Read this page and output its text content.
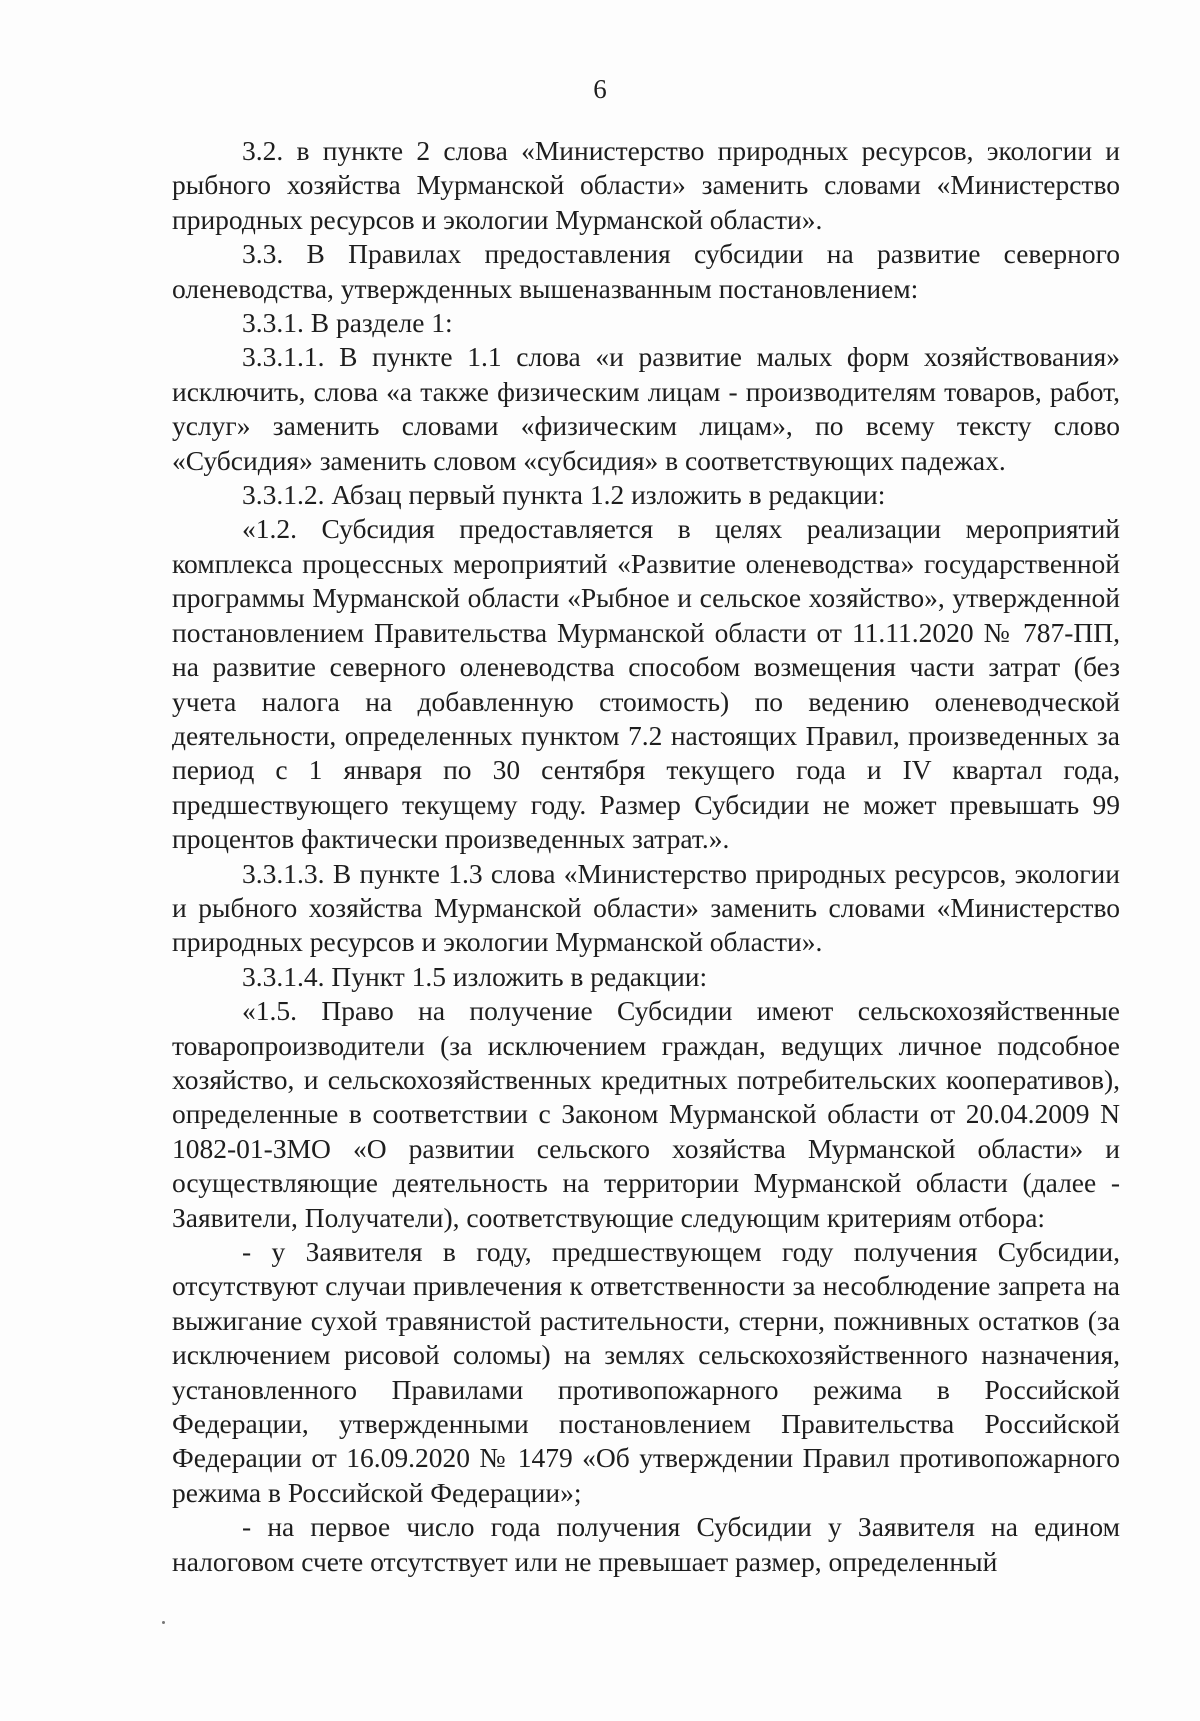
6

3.2. в пункте 2 слова «Министерство природных ресурсов, экологии и рыбного хозяйства Мурманской области» заменить словами «Министерство природных ресурсов и экологии Мурманской области».

3.3. В Правилах предоставления субсидии на развитие северного оленеводства, утвержденных вышеназванным постановлением:

3.3.1. В разделе 1:

3.3.1.1. В пункте 1.1 слова «и развитие малых форм хозяйствования» исключить, слова «а также физическим лицам - производителям товаров, работ, услуг» заменить словами «физическим лицам», по всему тексту слово «Субсидия» заменить словом «субсидия» в соответствующих падежах.

3.3.1.2. Абзац первый пункта 1.2 изложить в редакции:

«1.2. Субсидия предоставляется в целях реализации мероприятий комплекса процессных мероприятий «Развитие оленеводства» государственной программы Мурманской области «Рыбное и сельское хозяйство», утвержденной постановлением Правительства Мурманской области от 11.11.2020 № 787-ПП, на развитие северного оленеводства способом возмещения части затрат (без учета налога на добавленную стоимость) по ведению оленеводческой деятельности, определенных пунктом 7.2 настоящих Правил, произведенных за период с 1 января по 30 сентября текущего года и IV квартал года, предшествующего текущему году. Размер Субсидии не может превышать 99 процентов фактически произведенных затрат.».

3.3.1.3. В пункте 1.3 слова «Министерство природных ресурсов, экологии и рыбного хозяйства Мурманской области» заменить словами «Министерство природных ресурсов и экологии Мурманской области».

3.3.1.4. Пункт 1.5 изложить в редакции:

«1.5. Право на получение Субсидии имеют сельскохозяйственные товаропроизводители (за исключением граждан, ведущих личное подсобное хозяйство, и сельскохозяйственных кредитных потребительских кооперативов), определенные в соответствии с Законом Мурманской области от 20.04.2009 N 1082-01-ЗМО «О развитии сельского хозяйства Мурманской области» и осуществляющие деятельность на территории Мурманской области (далее - Заявители, Получатели), соответствующие следующим критериям отбора:

- у Заявителя в году, предшествующем году получения Субсидии, отсутствуют случаи привлечения к ответственности за несоблюдение запрета на выжигание сухой травянистой растительности, стерни, пожнивных остатков (за исключением рисовой соломы) на землях сельскохозяйственного назначения, установленного Правилами противопожарного режима в Российской Федерации, утвержденными постановлением Правительства Российской Федерации от 16.09.2020 № 1479 «Об утверждении Правил противопожарного режима в Российской Федерации»;

- на первое число года получения Субсидии у Заявителя на едином налоговом счете отсутствует или не превышает размер, определенный
